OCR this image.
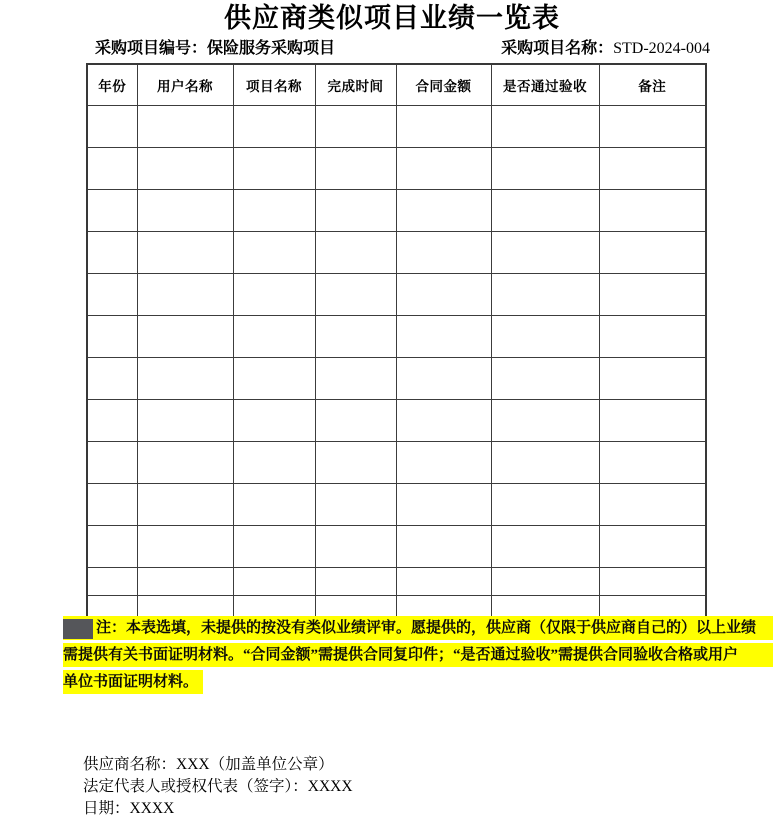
供应商类似项目业绩一览表
采购项目编号：保险服务采购项目	采购项目名称：STD-2024-004
年份	用户名称	项目名称	完成时间	合同金额	是否通过验收	备注

注：本表选填，未提供的按没有类似业绩评审。愿提供的，供应商（仅限于供应商自己的）以上业绩
需提供有关书面证明材料。“合同金额”需提供合同复印件；“是否通过验收”需提供合同验收合格或用户
单位书面证明材料。
供应商名称：XXX（加盖单位公章）
法定代表人或授权代表（签字）：XXXX
日期：XXXX
